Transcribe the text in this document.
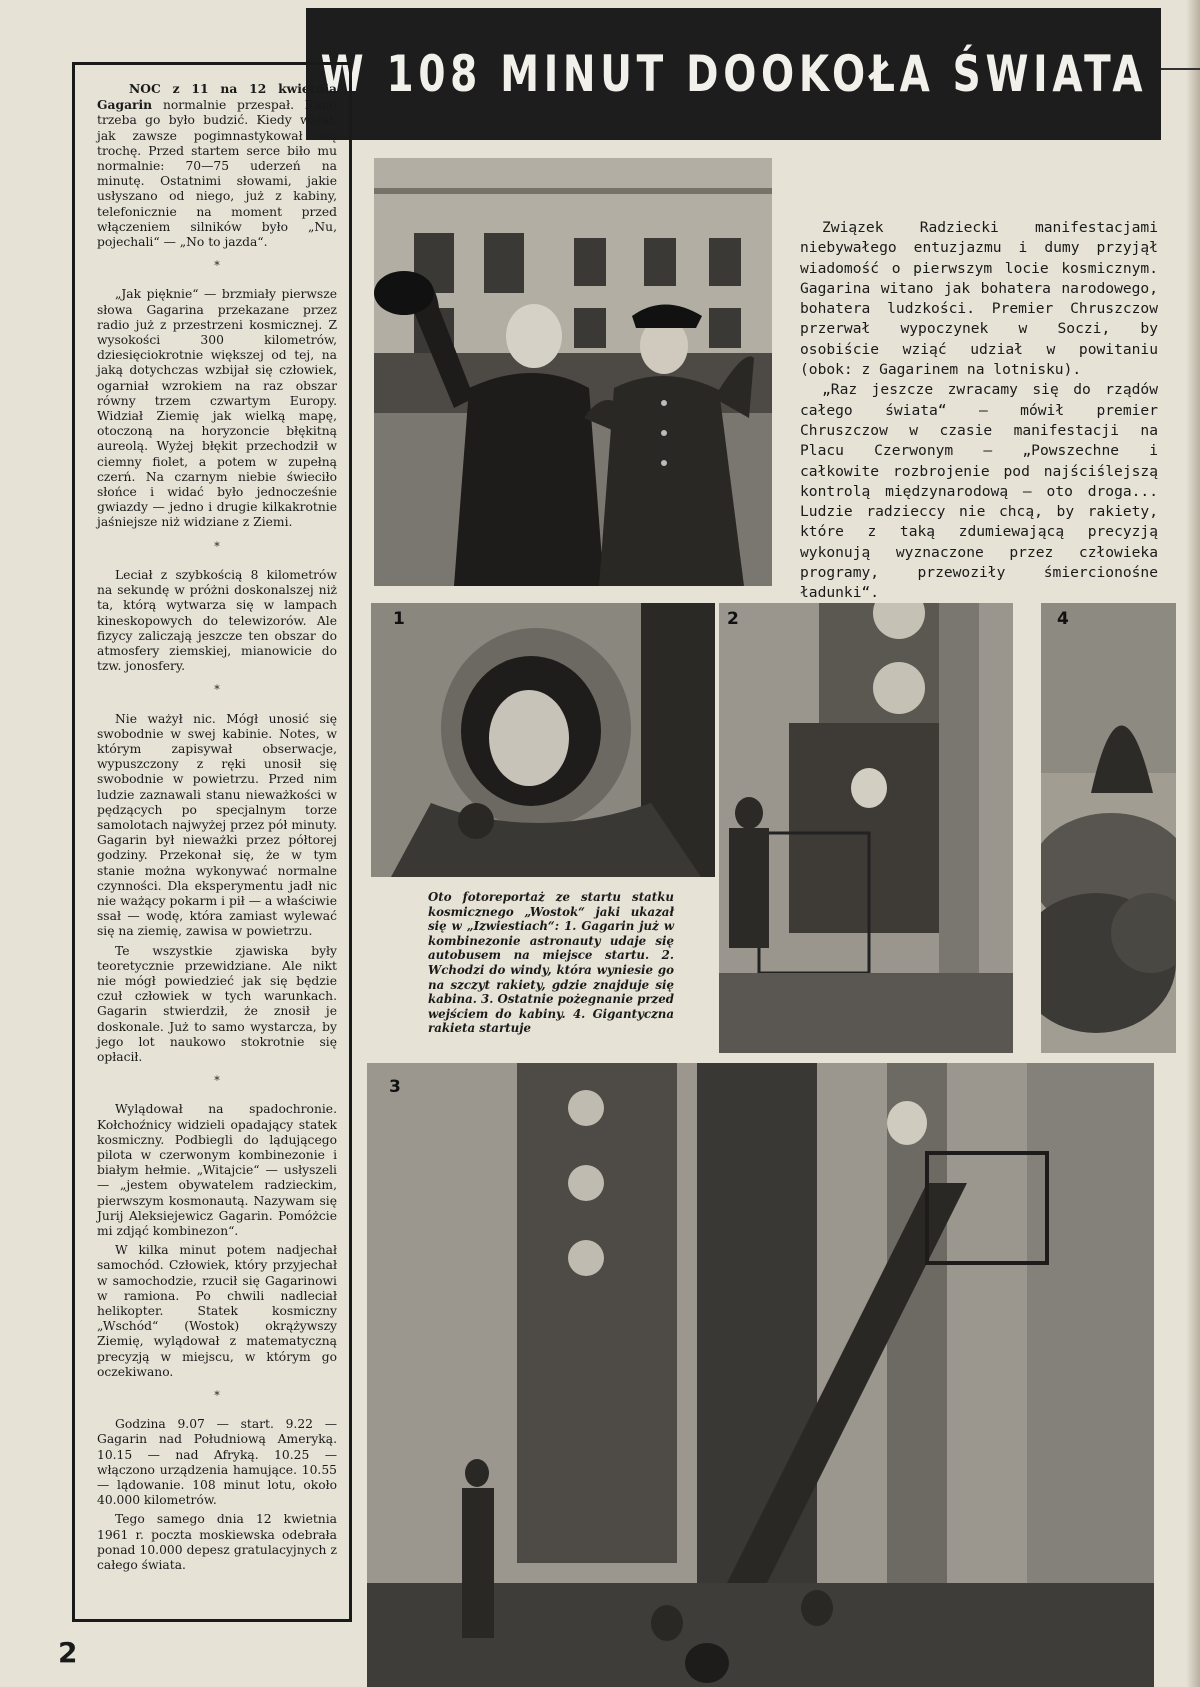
W 108 MINUT DOOKOŁA ŚWIATA

NOC z 11 na 12 kwietnia Gagarin normalnie przespał. Rano trzeba go było budzić. Kiedy wstał, jak zawsze pogimnastykował się trochę. Przed startem serce biło mu normalnie: 70—75 uderzeń na minutę. Ostatnimi słowami, jakie usłyszano od niego, już z kabiny, telefonicznie na moment przed włączeniem silników było „Nu, pojechali“ — „No to jazda“.

*

„Jak pięknie“ — brzmiały pierwsze słowa Gagarina przekazane przez radio już z przestrzeni kosmicznej. Z wysokości 300 kilometrów, dziesięciokrotnie większej od tej, na jaką dotychczas wzbijał się człowiek, ogarniał wzrokiem na raz obszar równy trzem czwartym Europy. Widział Ziemię jak wielką mapę, otoczoną na horyzoncie błękitną aureolą. Wyżej błękit przechodził w ciemny fiolet, a potem w zupełną czerń. Na czarnym niebie świeciło słońce i widać było jednocześnie gwiazdy — jedno i drugie kilkakrotnie jaśniejsze niż widziane z Ziemi.

*

Leciał z szybkością 8 kilometrów na sekundę w próżni doskonalszej niż ta, którą wytwarza się w lampach kineskopowych do telewizorów. Ale fizycy zaliczają jeszcze ten obszar do atmosfery ziemskiej, mianowicie do tzw. jonosfery.

*

Nie ważył nic. Mógł unosić się swobodnie w swej kabinie. Notes, w którym zapisywał obserwacje, wypuszczony z ręki unosił się swobodnie w powietrzu. Przed nim ludzie zaznawali stanu nieważkości w pędzących po specjalnym torze samolotach najwyżej przez pół minuty. Gagarin był nieważki przez półtorej godziny. Przekonał się, że w tym stanie można wykonywać normalne czynności. Dla eksperymentu jadł nic nie ważący pokarm i pił — a właściwie ssał — wodę, która zamiast wylewać się na ziemię, zawisa w powietrzu.

Te wszystkie zjawiska były teoretycznie przewidziane. Ale nikt nie mógł powiedzieć jak się będzie czuł człowiek w tych warunkach. Gagarin stwierdził, że znosił je doskonale. Już to samo wystarcza, by jego lot naukowo stokrotnie się opłacił.

*

Wylądował na spadochronie. Kołchoźnicy widzieli opadający statek kosmiczny. Podbiegli do lądującego pilota w czerwonym kombinezonie i białym hełmie. „Witajcie“ — usłyszeli — „jestem obywatelem radzieckim, pierwszym kosmonautą. Nazywam się Jurij Aleksiejewicz Gagarin. Pomóżcie mi zdjąć kombinezon“.

W kilka minut potem nadjechał samochód. Człowiek, który przyjechał w samochodzie, rzucił się Gagarinowi w ramiona. Po chwili nadleciał helikopter. Statek kosmiczny „Wschód“ (Wostok) okrążywszy Ziemię, wylądował z matematyczną precyzją w miejscu, w którym go oczekiwano.

*

Godzina 9.07 — start. 9.22 — Gagarin nad Południową Ameryką. 10.15 — nad Afryką. 10.25 — włączono urządzenia hamujące. 10.55 — lądowanie. 108 minut lotu, około 40.000 kilometrów.

Tego samego dnia 12 kwietnia 1961 r. poczta moskiewska odebrała ponad 10.000 depesz gratulacyjnych z całego świata.

2

Związek Radziecki manifestacjami niebywałego entuzjazmu i dumy przyjął wiadomość o pierwszym locie kosmicznym. Gagarina witano jak bohatera narodowego, bohatera ludzkości. Premier Chruszczow przerwał wypoczynek w Soczi, by osobiście wziąć udział w powitaniu (obok: z Gagarinem na lotnisku).

„Raz jeszcze zwracamy się do rządów całego świata“ — mówił premier Chruszczow w czasie manifestacji na Placu Czerwonym — „Powszechne i całkowite rozbrojenie pod najściślejszą kontrolą międzynarodową — oto droga... Ludzie radzieccy nie chcą, by rakiety, które z taką zdumiewającą precyzją wykonują wyznaczone przez człowieka programy, przewoziły śmiercionośne ładunki“.

1	2	4
Oto fotoreportaż ze startu statku kosmicznego „Wostok“ jaki ukazał się w „Izwiestiach“: 1. Gagarin już w kombinezonie astronauty udaje się autobusem na miejsce startu. 2. Wchodzi do windy, która wyniesie go na szczyt rakiety, gdzie znajduje się kabina. 3. Ostatnie pożegnanie przed wejściem do kabiny. 4. Gigantyczna rakieta startuje
3
